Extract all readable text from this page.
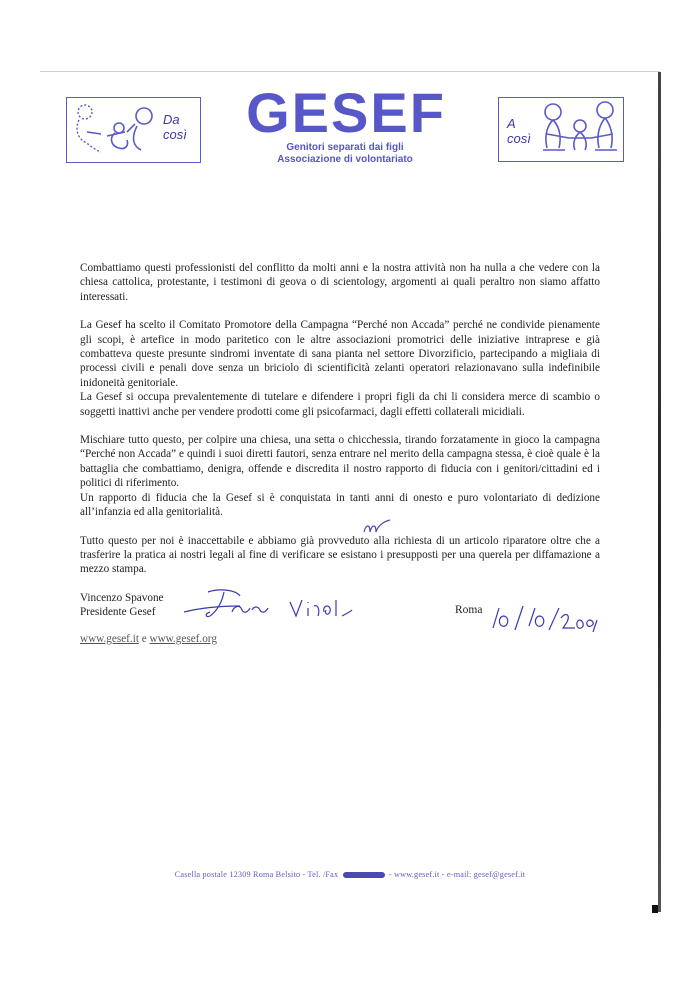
Da
così GESEF
Genitori separati dai figli
Associazione di volontariato
A
così

Combattiamo questi professionisti del conflitto da molti anni e la nostra attività non ha nulla a che vedere con la chiesa cattolica, protestante, i testimoni di geova o di scientology, argomenti ai quali peraltro non siamo affatto interessati.

La Gesef ha scelto il Comitato Promotore della Campagna “Perché non Accada” perché ne condivide pienamente gli scopi, è artefice in modo paritetico con le altre associazioni promotrici delle iniziative intraprese e già combatteva queste presunte sindromi inventate di sana pianta nel settore Divorzificio, partecipando a migliaia di processi civili e penali dove senza un briciolo di scientificità zelanti operatori relazionavano sulla indefinibile inidoneità genitoriale.

La Gesef si occupa prevalentemente di tutelare e difendere i propri figli da chi li considera merce di scambio o soggetti inattivi anche per vendere prodotti come gli psicofarmaci, dagli effetti collaterali micidiali.

Mischiare tutto questo, per colpire una chiesa, una setta o chicchessia, tirando forzatamente in gioco la campagna “Perché non Accada” e quindi i suoi diretti fautori, senza entrare nel merito della campagna stessa, è cioè quale è la battaglia che combattiamo, denigra, offende e discredita il nostro rapporto di fiducia con i genitori/cittadini ed i politici di riferimento.

Un rapporto di fiducia che la Gesef si è conquistata in tanti anni di onesto e puro volontariato di dedizione all’infanzia ed alla genitorialità.

Tutto questo per noi è inaccettabile e abbiamo già provveduto alla richiesta di un articolo riparatore oltre che a trasferire la pratica ai nostri legali al fine di verificare se esistano i presupposti per una querela per diffamazione a mezzo stampa.

Vincenzo Spavone
Presidente Gesef	Roma
www.gesef.it e www.gesef.org
Casella postale 12309 Roma Belsito - Tel. /Fax	- www.gesef.it - e-mail: gesef@gesef.it
